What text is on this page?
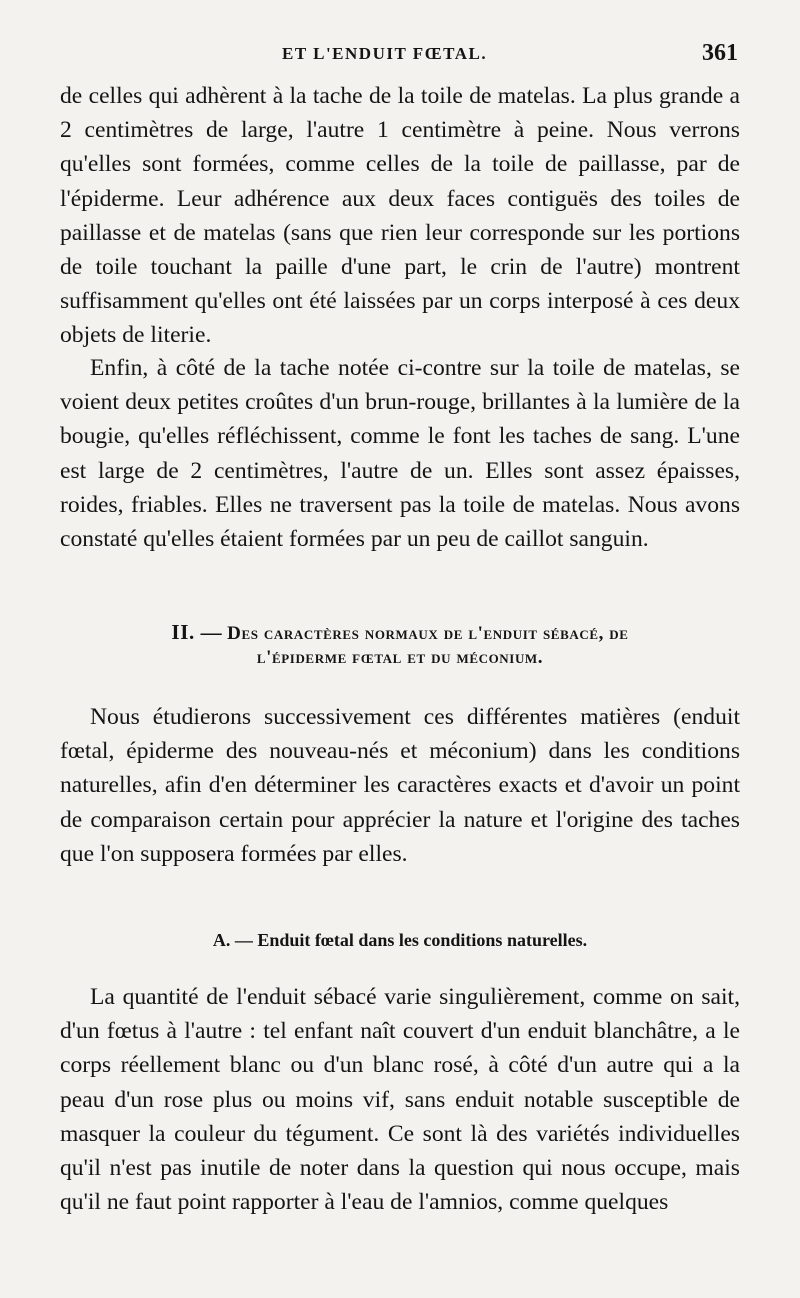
ET L'ENDUIT FŒTAL.	361

de celles qui adhèrent à la tache de la toile de matelas. La plus grande a 2 centimètres de large, l'autre 1 centimètre à peine. Nous verrons qu'elles sont formées, comme celles de la toile de paillasse, par de l'épiderme. Leur adhérence aux deux faces contiguës des toiles de paillasse et de matelas (sans que rien leur corresponde sur les portions de toile touchant la paille d'une part, le crin de l'autre) montrent suffisamment qu'elles ont été laissées par un corps interposé à ces deux objets de literie.

Enfin, à côté de la tache notée ci-contre sur la toile de matelas, se voient deux petites croûtes d'un brun-rouge, brillantes à la lumière de la bougie, qu'elles réfléchissent, comme le font les taches de sang. L'une est large de 2 centimètres, l'autre de un. Elles sont assez épaisses, roides, friables. Elles ne traversent pas la toile de matelas. Nous avons constaté qu'elles étaient formées par un peu de caillot sanguin.

II. — Des caractères normaux de l'enduit sébacé, de
l'épiderme fœtal et du méconium.

Nous étudierons successivement ces différentes matières (enduit fœtal, épiderme des nouveau-nés et méconium) dans les conditions naturelles, afin d'en déterminer les caractères exacts et d'avoir un point de comparaison certain pour apprécier la nature et l'origine des taches que l'on supposera formées par elles.

A. — Enduit fœtal dans les conditions naturelles.

La quantité de l'enduit sébacé varie singulièrement, comme on sait, d'un fœtus à l'autre : tel enfant naît couvert d'un enduit blanchâtre, a le corps réellement blanc ou d'un blanc rosé, à côté d'un autre qui a la peau d'un rose plus ou moins vif, sans enduit notable susceptible de masquer la couleur du tégument. Ce sont là des variétés individuelles qu'il n'est pas inutile de noter dans la question qui nous occupe, mais qu'il ne faut point rapporter à l'eau de l'amnios, comme quelques
